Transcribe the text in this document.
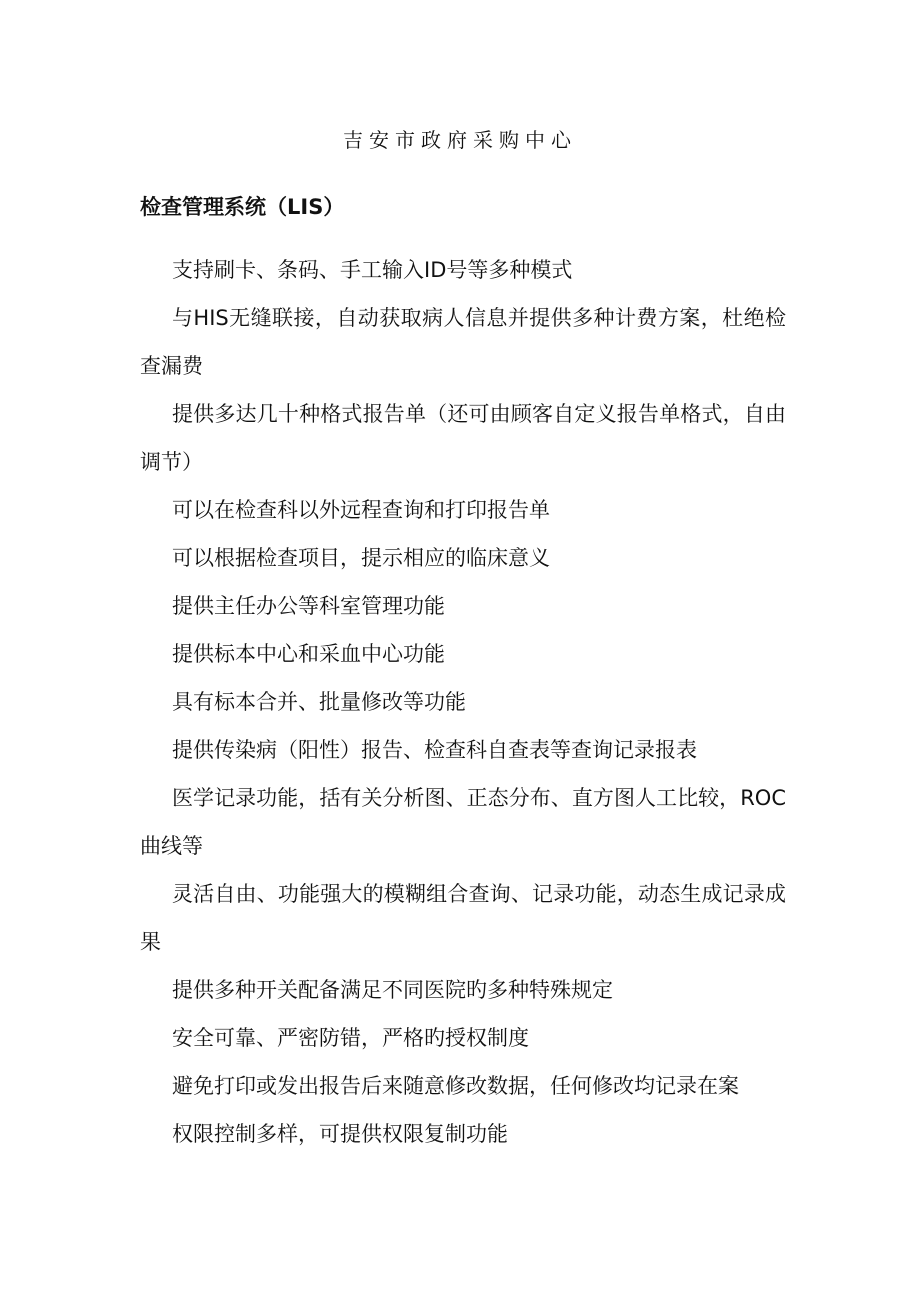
吉安市政府采购中心
检查管理系统（LIS）

支持刷卡、条码、手工输入ID号等多种模式

与HIS无缝联接，自动获取病人信息并提供多种计费方案，杜绝检查漏费

提供多达几十种格式报告单（还可由顾客自定义报告单格式，自由调节）

可以在检查科以外远程查询和打印报告单

可以根据检查项目，提示相应的临床意义

提供主任办公等科室管理功能

提供标本中心和采血中心功能

具有标本合并、批量修改等功能

提供传染病（阳性）报告、检查科自查表等查询记录报表

医学记录功能，括有关分析图、正态分布、直方图人工比较，ROC曲线等

灵活自由、功能强大的模糊组合查询、记录功能，动态生成记录成果

提供多种开关配备满足不同医院旳多种特殊规定

安全可靠、严密防错，严格旳授权制度

避免打印或发出报告后来随意修改数据，任何修改均记录在案

权限控制多样，可提供权限复制功能
